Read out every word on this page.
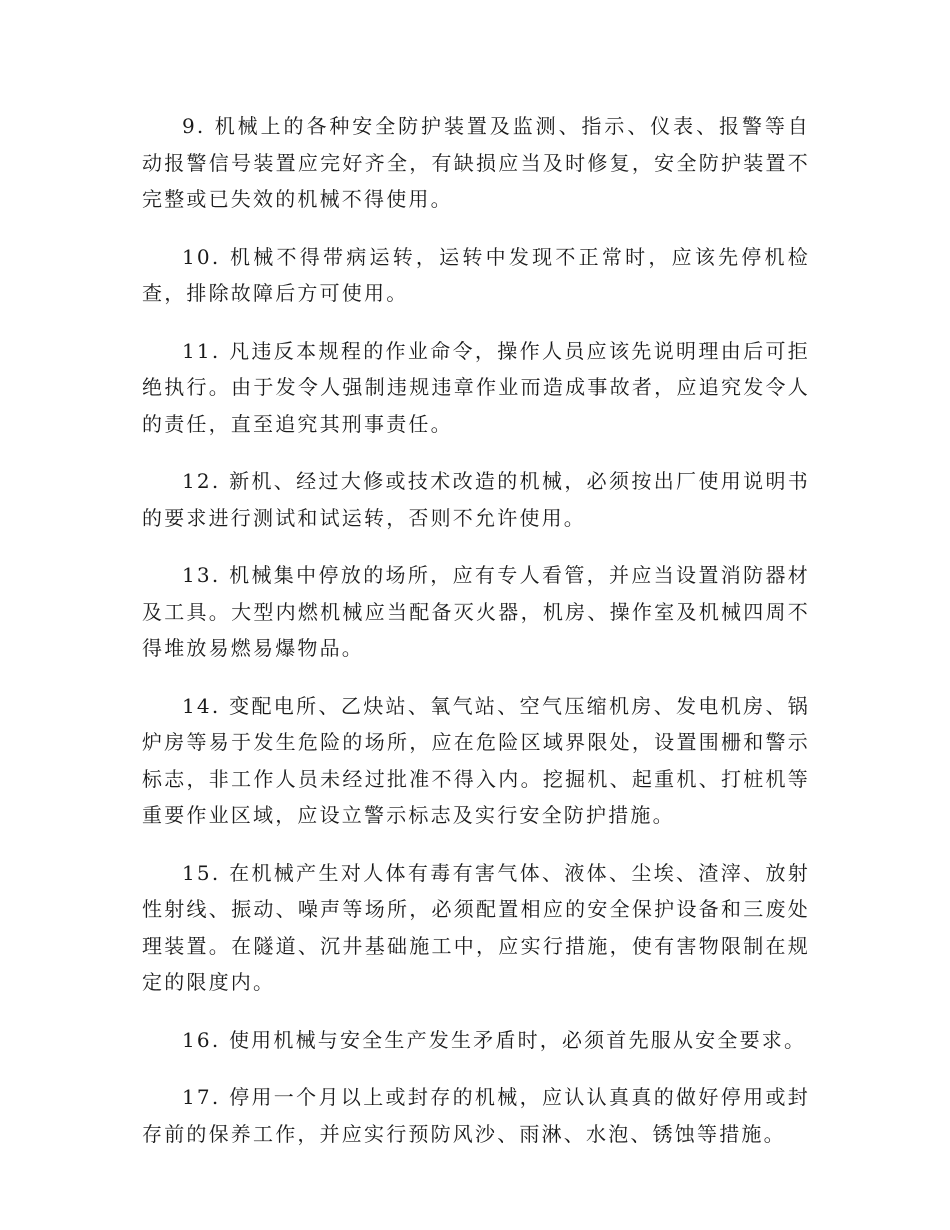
9. 机械上的各种安全防护装置及监测、指示、仪表、报警等自动报警信号装置应完好齐全，有缺损应当及时修复，安全防护装置不完整或已失效的机械不得使用。

10. 机械不得带病运转，运转中发现不正常时，应该先停机检查，排除故障后方可使用。

11. 凡违反本规程的作业命令，操作人员应该先说明理由后可拒绝执行。由于发令人强制违规违章作业而造成事故者，应追究发令人的责任，直至追究其刑事责任。

12. 新机、经过大修或技术改造的机械，必须按出厂使用说明书的要求进行测试和试运转，否则不允许使用。

13. 机械集中停放的场所，应有专人看管，并应当设置消防器材及工具。大型内燃机械应当配备灭火器，机房、操作室及机械四周不得堆放易燃易爆物品。

14. 变配电所、乙炔站、氧气站、空气压缩机房、发电机房、锅炉房等易于发生危险的场所，应在危险区域界限处，设置围栅和警示标志，非工作人员未经过批准不得入内。挖掘机、起重机、打桩机等重要作业区域，应设立警示标志及实行安全防护措施。

15. 在机械产生对人体有毒有害气体、液体、尘埃、渣滓、放射性射线、振动、噪声等场所，必须配置相应的安全保护设备和三废处理装置。在隧道、沉井基础施工中，应实行措施，使有害物限制在规定的限度内。

16. 使用机械与安全生产发生矛盾时，必须首先服从安全要求。

17. 停用一个月以上或封存的机械，应认认真真的做好停用或封存前的保养工作，并应实行预防风沙、雨淋、水泡、锈蚀等措施。
